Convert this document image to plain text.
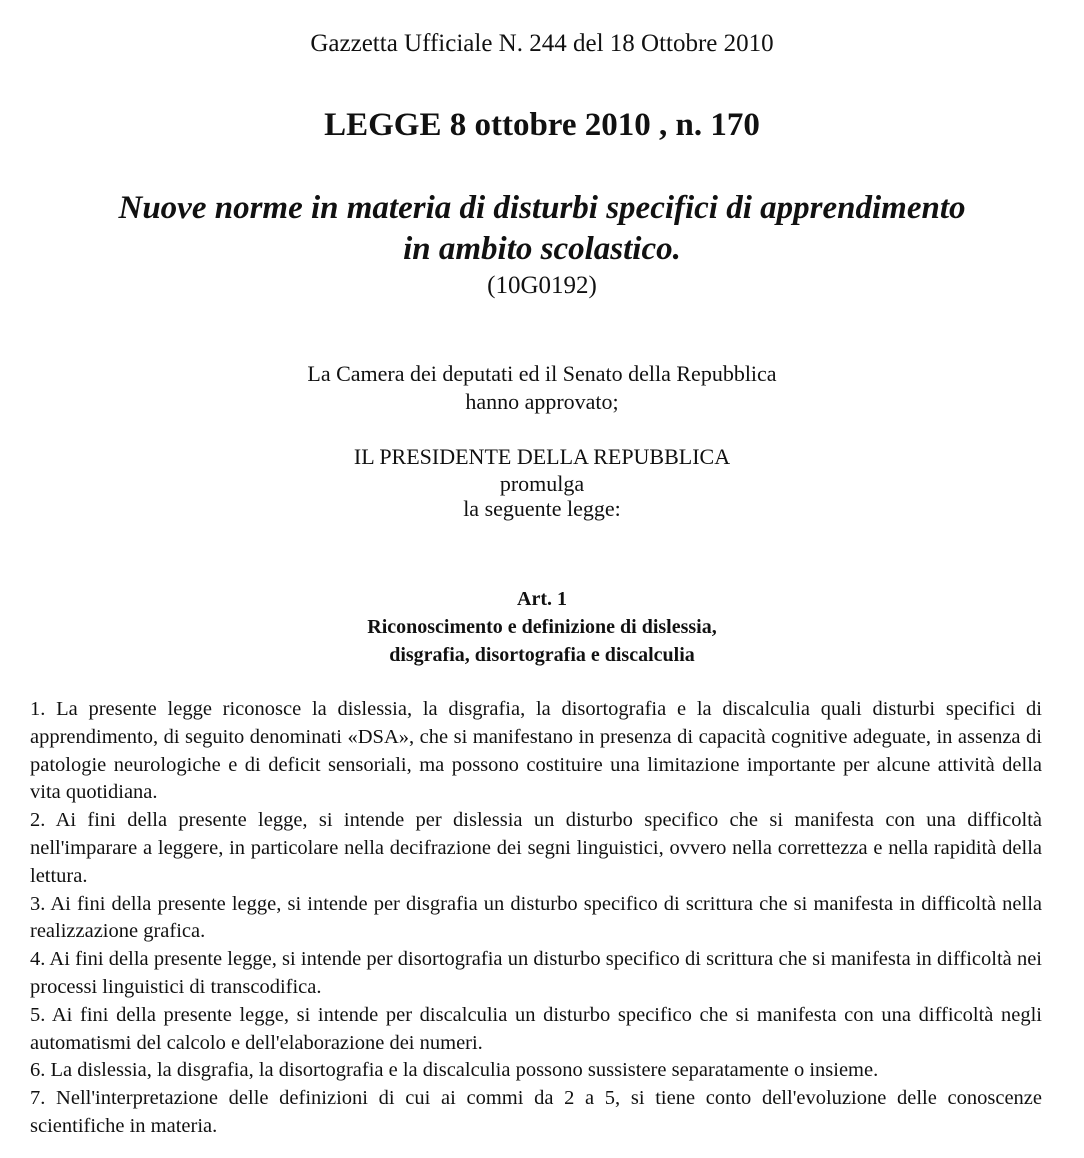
Gazzetta Ufficiale N. 244 del 18 Ottobre 2010
LEGGE 8 ottobre 2010 , n. 170
Nuove norme in materia di disturbi specifici di apprendimento
in ambito scolastico.
(10G0192)
La Camera dei deputati ed il Senato della Repubblica
hanno approvato;
IL PRESIDENTE DELLA REPUBBLICA
promulga
la seguente legge:
Art. 1
Riconoscimento e definizione di dislessia,
disgrafia, disortografia e discalculia

1. La presente legge riconosce la dislessia, la disgrafia, la disortografia e la discalculia quali disturbi specifici di apprendimento, di seguito denominati «DSA», che si manifestano in presenza di capacità cognitive adeguate, in assenza di patologie neurologiche e di deficit sensoriali, ma possono costituire una limitazione importante per alcune attività della vita quotidiana.

2. Ai fini della presente legge, si intende per dislessia un disturbo specifico che si manifesta con una difficoltà nell'imparare a leggere, in particolare nella decifrazione dei segni linguistici, ovvero nella correttezza e nella rapidità della lettura.

3. Ai fini della presente legge, si intende per disgrafia un disturbo specifico di scrittura che si manifesta in difficoltà nella realizzazione grafica.

4. Ai fini della presente legge, si intende per disortografia un disturbo specifico di scrittura che si manifesta in difficoltà nei processi linguistici di transcodifica.

5. Ai fini della presente legge, si intende per discalculia un disturbo specifico che si manifesta con una difficoltà negli automatismi del calcolo e dell'elaborazione dei numeri.

6. La dislessia, la disgrafia, la disortografia e la discalculia possono sussistere separatamente o insieme.

7. Nell'interpretazione delle definizioni di cui ai commi da 2 a 5, si tiene conto dell'evoluzione delle conoscenze scientifiche in materia.
